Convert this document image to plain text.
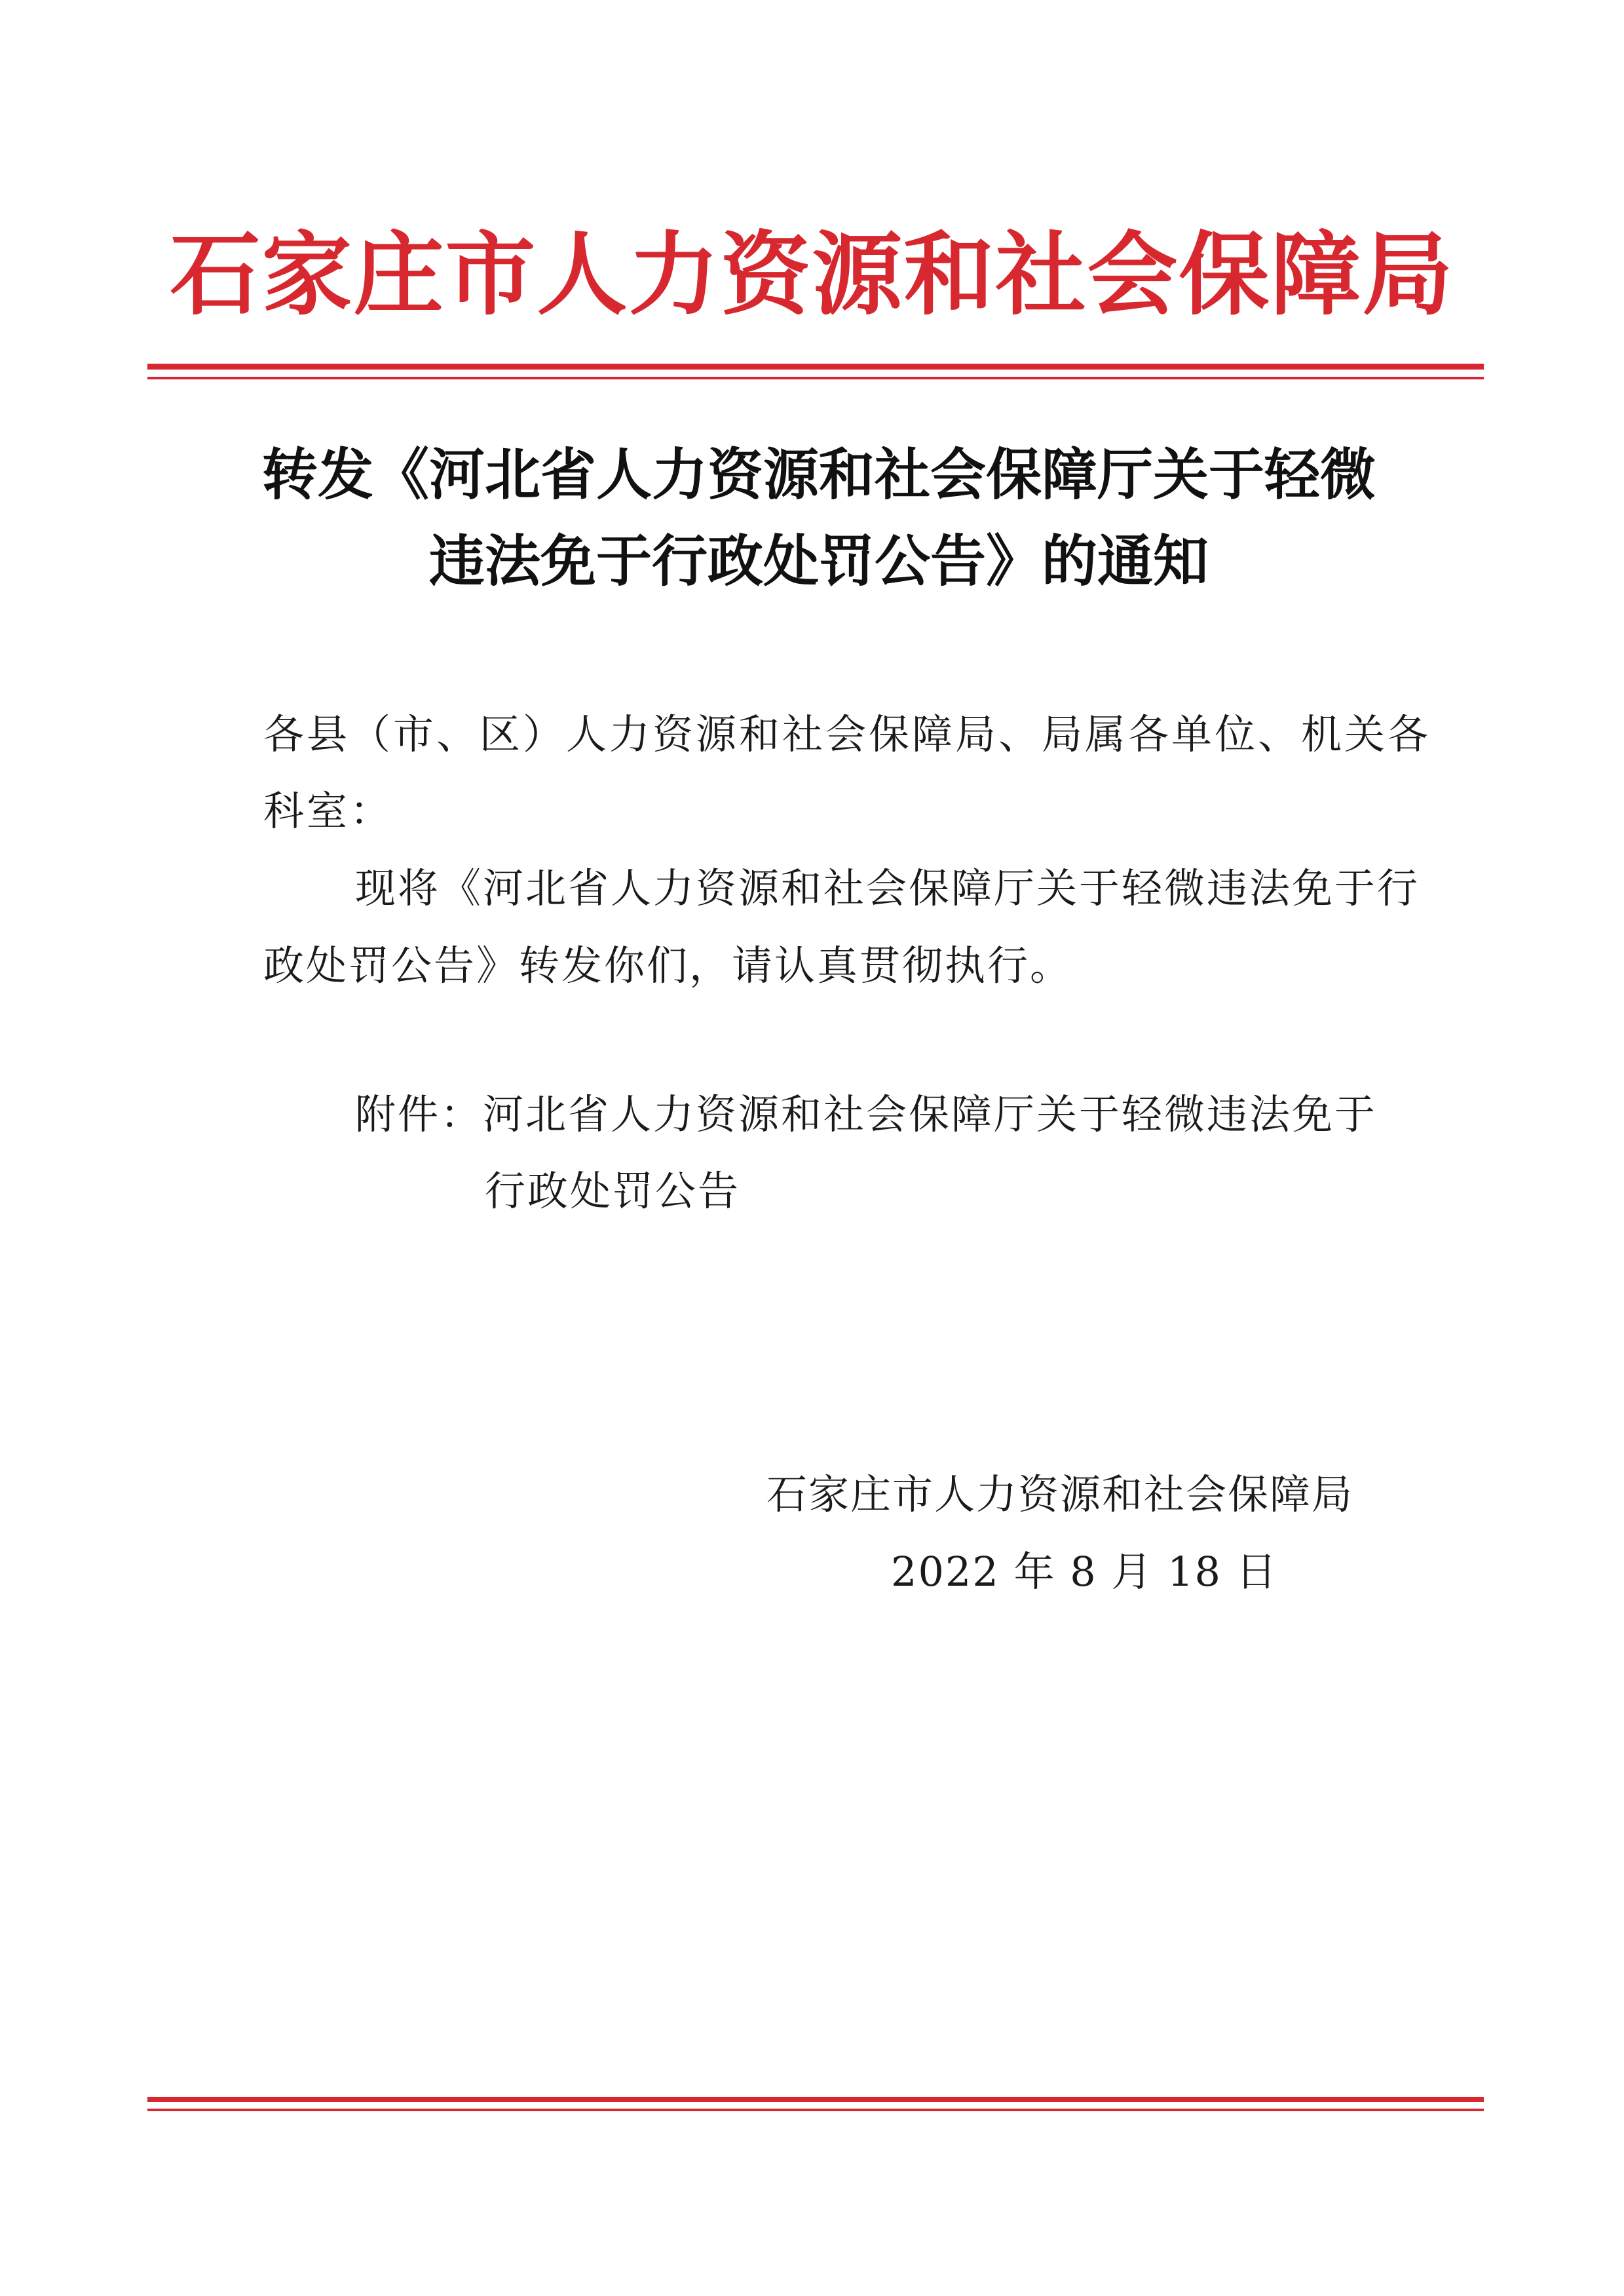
石家庄市人力资源和社会保障局
转发《河北省人力资源和社会保障厅关于轻微
违法免于行政处罚公告》的通知
各县（市、区）人力资源和社会保障局、局属各单位、机关各
科室：
现将《河北省人力资源和社会保障厅关于轻微违法免于行
政处罚公告》转发你们，请认真贯彻执行。
附件：河北省人力资源和社会保障厅关于轻微违法免于
行政处罚公告
石家庄市人力资源和社会保障局
2022 年 8 月 18 日
